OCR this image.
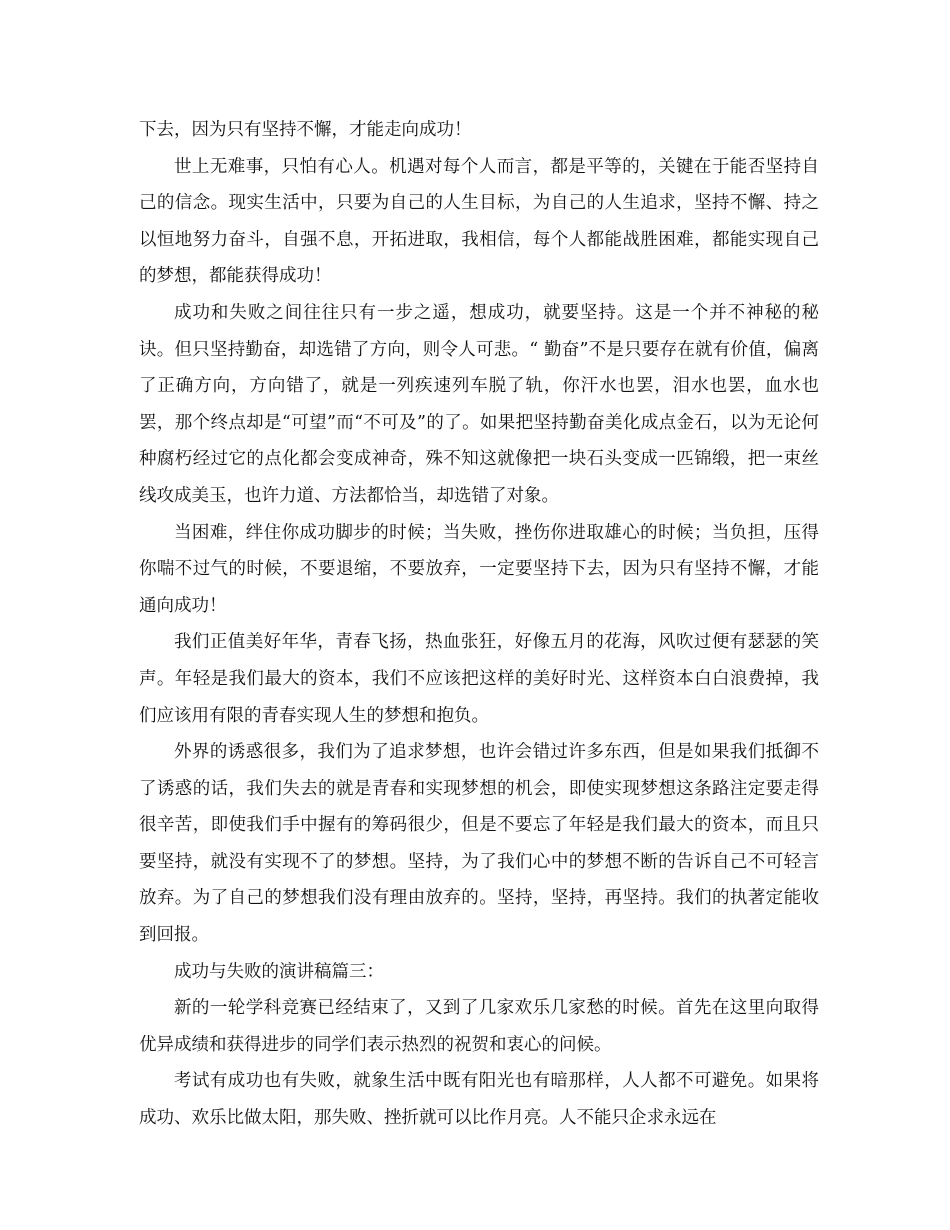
下去，因为只有坚持不懈，才能走向成功！

世上无难事，只怕有心人。机遇对每个人而言，都是平等的，关键在于能否坚持自己的信念。现实生活中，只要为自己的人生目标，为自己的人生追求，坚持不懈、持之以恒地努力奋斗，自强不息，开拓进取，我相信，每个人都能战胜困难，都能实现自己的梦想，都能获得成功！

成功和失败之间往往只有一步之遥，想成功，就要坚持。这是一个并不神秘的秘诀。但只坚持勤奋，却选错了方向，则令人可悲。“ 勤奋”不是只要存在就有价值，偏离了正确方向，方向错了，就是一列疾速列车脱了轨，你汗水也罢，泪水也罢，血水也罢，那个终点却是“可望”而“不可及”的了。如果把坚持勤奋美化成点金石，以为无论何种腐朽经过它的点化都会变成神奇，殊不知这就像把一块石头变成一匹锦缎，把一束丝线攻成美玉，也许力道、方法都恰当，却选错了对象。

当困难，绊住你成功脚步的时候；当失败，挫伤你进取雄心的时候；当负担，压得你喘不过气的时候，不要退缩，不要放弃，一定要坚持下去，因为只有坚持不懈，才能通向成功！

我们正值美好年华，青春飞扬，热血张狂，好像五月的花海，风吹过便有瑟瑟的笑声。年轻是我们最大的资本，我们不应该把这样的美好时光、这样资本白白浪费掉，我们应该用有限的青春实现人生的梦想和抱负。

外界的诱惑很多，我们为了追求梦想，也许会错过许多东西，但是如果我们抵御不了诱惑的话，我们失去的就是青春和实现梦想的机会，即使实现梦想这条路注定要走得很辛苦，即使我们手中握有的筹码很少，但是不要忘了年轻是我们最大的资本，而且只要坚持，就没有实现不了的梦想。坚持，为了我们心中的梦想不断的告诉自己不可轻言放弃。为了自己的梦想我们没有理由放弃的。坚持，坚持，再坚持。我们的执著定能收到回报。

成功与失败的演讲稿篇三：

新的一轮学科竞赛已经结束了，又到了几家欢乐几家愁的时候。首先在这里向取得优异成绩和获得进步的同学们表示热烈的祝贺和衷心的问候。

考试有成功也有失败，就象生活中既有阳光也有暗那样，人人都不可避免。如果将成功、欢乐比做太阳，那失败、挫折就可以比作月亮。人不能只企求永远在
